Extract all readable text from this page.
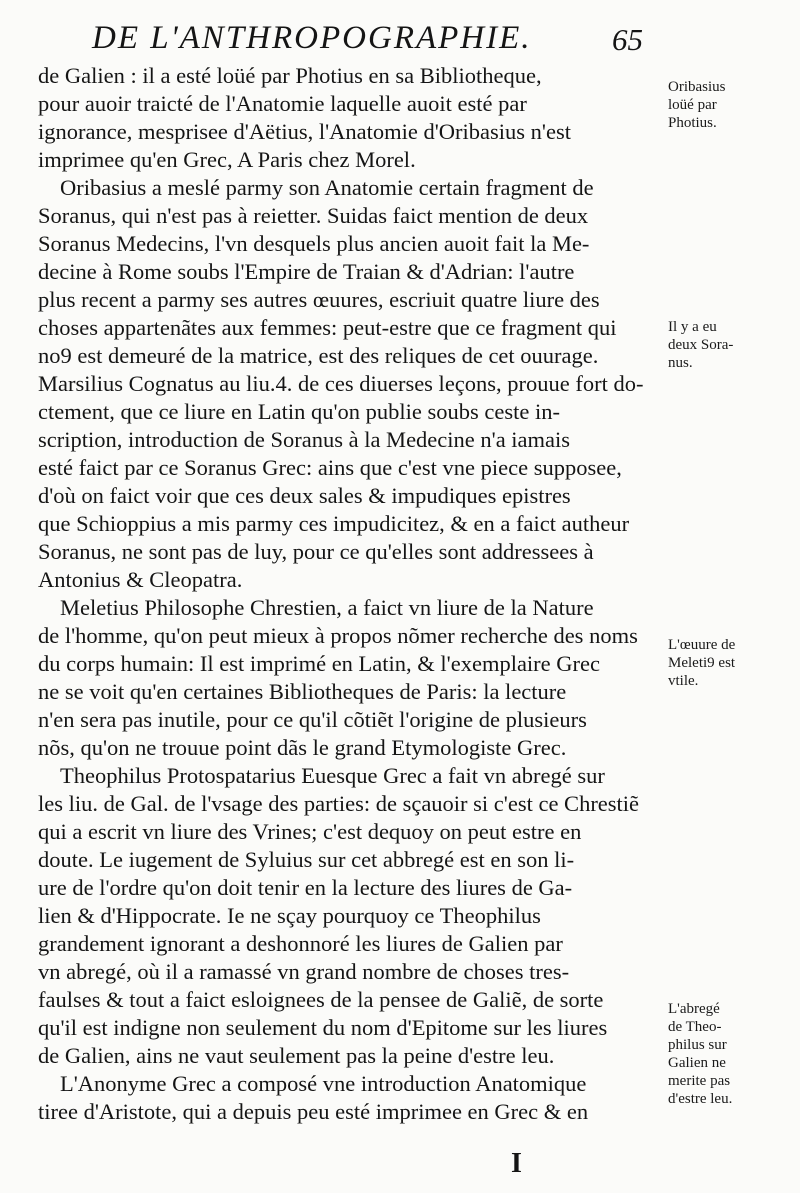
DE L'ANTHROPOGRAPHIE.	65
de Galien : il a esté loüé par Photius en sa Bibliotheque,
pour auoir traicté de l'Anatomie laquelle auoit esté par
ignorance, mesprisee d'Aëtius, l'Anatomie d'Oribasius n'est
imprimee qu'en Grec, A Paris chez Morel.
Oribasius a meslé parmy son Anatomie certain fragment de
Soranus, qui n'est pas à reietter. Suidas faict mention de deux
Soranus Medecins, l'vn desquels plus ancien auoit fait la Me-
decine à Rome soubs l'Empire de Traian & d'Adrian: l'autre
plus recent a parmy ses autres œuures, escriuit quatre liure des
choses appartenãtes aux femmes: peut-estre que ce fragment qui
no9 est demeuré de la matrice, est des reliques de cet ouurage.
Marsilius Cognatus au liu.4. de ces diuerses leçons, prouue fort do-
ctement, que ce liure en Latin qu'on publie soubs ceste in-
scription, introduction de Soranus à la Medecine n'a iamais
esté faict par ce Soranus Grec: ains que c'est vne piece supposee,
d'où on faict voir que ces deux sales & impudiques epistres
que Schioppius a mis parmy ces impudicitez, & en a faict autheur
Soranus, ne sont pas de luy, pour ce qu'elles sont addressees à
Antonius & Cleopatra.
Meletius Philosophe Chrestien, a faict vn liure de la Nature
de l'homme, qu'on peut mieux à propos nõmer recherche des noms
du corps humain: Il est imprimé en Latin, & l'exemplaire Grec
ne se voit qu'en certaines Bibliotheques de Paris: la lecture
n'en sera pas inutile, pour ce qu'il cõtiẽt l'origine de plusieurs
nõs, qu'on ne trouue point dãs le grand Etymologiste Grec.
Theophilus Protospatarius Euesque Grec a fait vn abregé sur
les liu. de Gal. de l'vsage des parties: de sçauoir si c'est ce Chrestiẽ
qui a escrit vn liure des Vrines; c'est dequoy on peut estre en
doute. Le iugement de Syluius sur cet abbregé est en son li-
ure de l'ordre qu'on doit tenir en la lecture des liures de Ga-
lien & d'Hippocrate. Ie ne sçay pourquoy ce Theophilus
grandement ignorant a deshonnoré les liures de Galien par
vn abregé, où il a ramassé vn grand nombre de choses tres-
faulses & tout a faict esloignees de la pensee de Galiẽ, de sorte
qu'il est indigne non seulement du nom d'Epitome sur les liures
de Galien, ains ne vaut seulement pas la peine d'estre leu.
L'Anonyme Grec a composé vne introduction Anatomique
tiree d'Aristote, qui a depuis peu esté imprimee en Grec & en
Oribasius
loüé par
Photius.
Il y a eu
deux Sora-
nus.
L'œuure de
Meleti9 est
vtile.
L'abregé
de Theo-
philus sur
Galien ne
merite pas
d'estre leu.
I
